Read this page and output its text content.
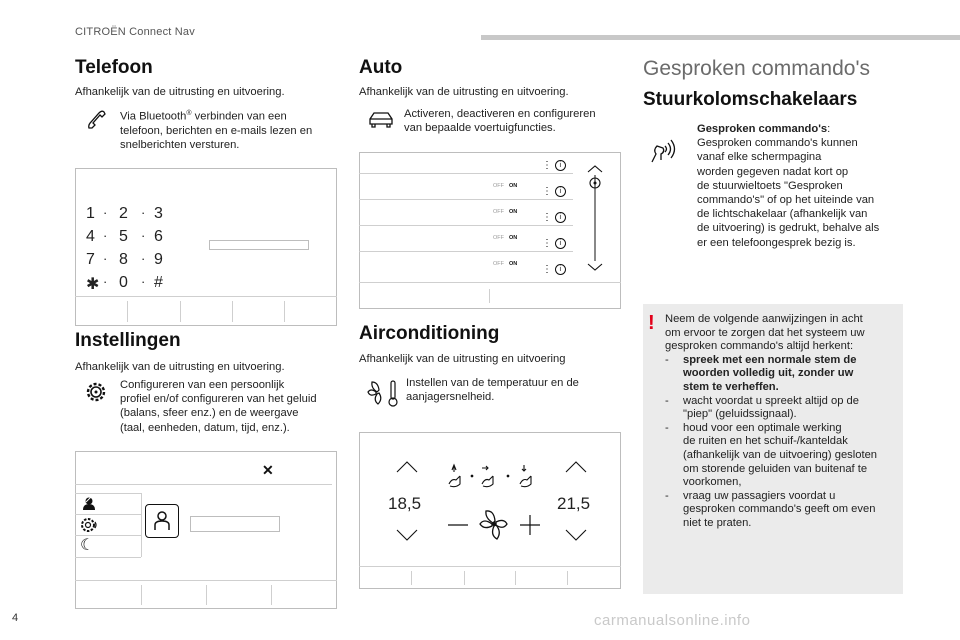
CITROËN Connect Nav
Telefoon
Afhankelijk van de uitrusting en uitvoering.
Via Bluetooth® verbinden van een
telefoon, berichten en e-mails lezen en
snelberichten versturen.
1 · 2 · 3
4 · 5 · 6
7 · 8 · 9
✱ · 0 · #
Instellingen
Afhankelijk van de uitrusting en uitvoering.
Configureren van een persoonlijk
profiel en/of configureren van het geluid
(balans, sfeer enz.) en de weergave
(taal, eenheden, datum, tijd, enz.).
✕
☾
Auto
Afhankelijk van de uitrusting en uitvoering.
Activeren, deactiveren en configureren
van bepaalde voertuigfuncties.
OFF ON
OFF ON
OFF ON
OFF ON
⋮ i
⋮ i
⋮ i
⋮ i
⋮ i
Airconditioning
Afhankelijk van de uitrusting en uitvoering
Instellen van de temperatuur en de
aanjagersnelheid.
18,5	21,5
Gesproken commando's
Stuurkolomschakelaars
Gesproken commando's:
Gesproken commando's kunnen
vanaf elke schermpagina
worden gegeven nadat kort op
de stuurwieltoets "Gesproken
commando's" of op het uiteinde van
de lichtschakelaar (afhankelijk van
de uitvoering) is gedrukt, behalve als
er een telefoongesprek bezig is.
! Neem de volgende aanwijzingen in acht
om ervoor te zorgen dat het systeem uw
gesproken commando's altijd herkent:
- spreek met een normale stem de
woorden volledig uit, zonder uw
stem te verheffen.
- wacht voordat u spreekt altijd op de
"piep" (geluidssignaal).
- houd voor een optimale werking
de ruiten en het schuif-/kanteldak
(afhankelijk van de uitvoering) gesloten
om storende geluiden van buitenaf te
voorkomen,
- vraag uw passagiers voordat u
gesproken commando's geeft om even
niet te praten.
4	carmanualsonline.info
